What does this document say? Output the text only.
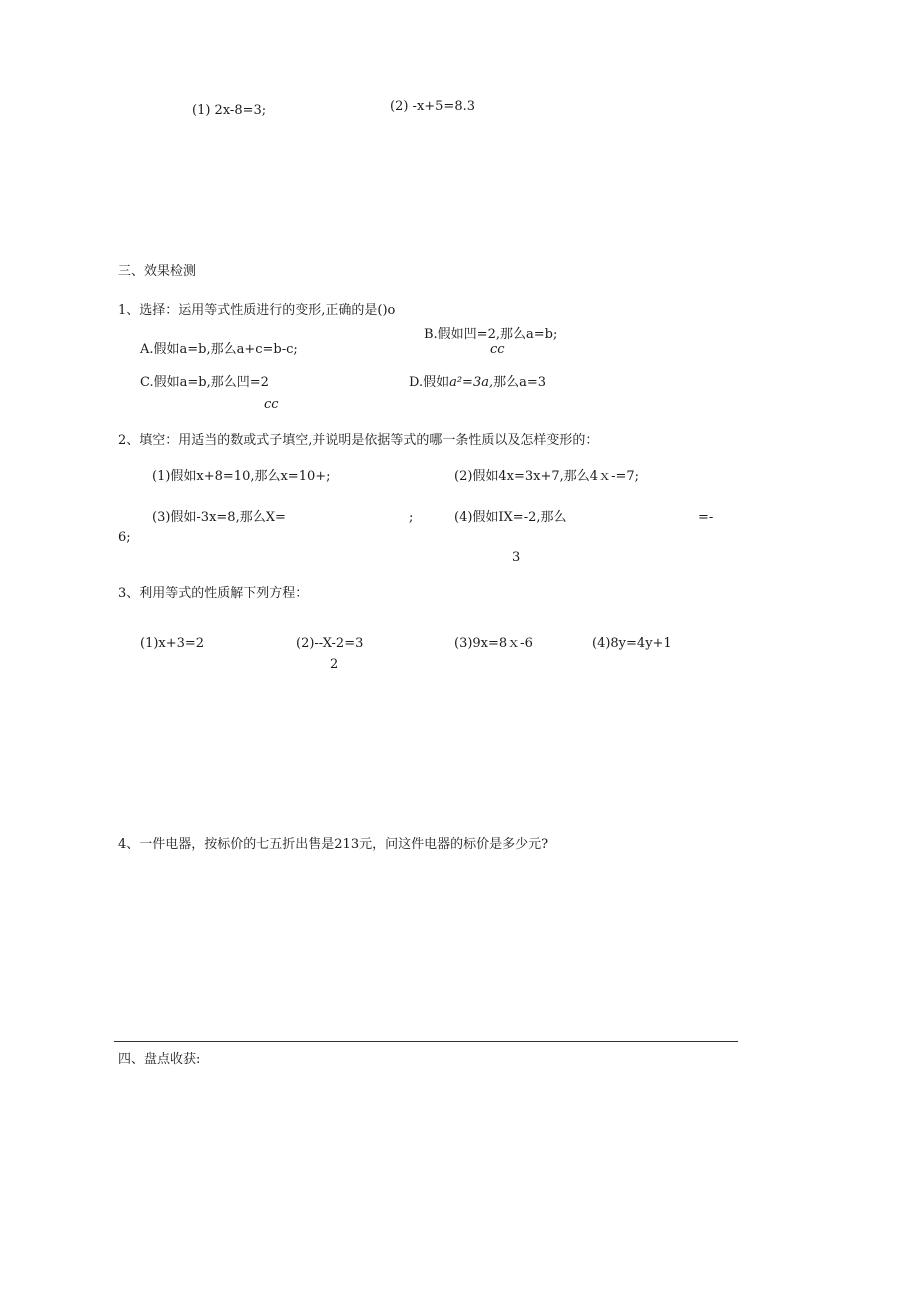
(1) 2x-8=3;	(2) -x+5=8.3
三、效果检测
1、选择：运用等式性质进行的变形,正确的是()o
B.假如凹=2,那么a=b;
cc
A.假如a=b,那么a+c=b-c;
C.假如a=b,那么凹=2
cc
D.假如a²=3a,那么a=3
2、填空：用适当的数或式子填空,并说明是依据等式的哪一条性质以及怎样变形的：
(1)假如x+8=10,那么x=10+;	(2)假如4x=3x+7,那么4ｘ-=7;
(3)假如-3x=8,那么X=	;	(4)假如IX=-2,那么	=-
6;
3
3、利用等式的性质解下列方程：
(1)x+3=2	(2)--X-2=3
2
(3)9x=8ｘ-6	(4)8y=4y+1
4、一件电器，按标价的七五折出售是213元，问这件电器的标价是多少元?
四、盘点收获:
